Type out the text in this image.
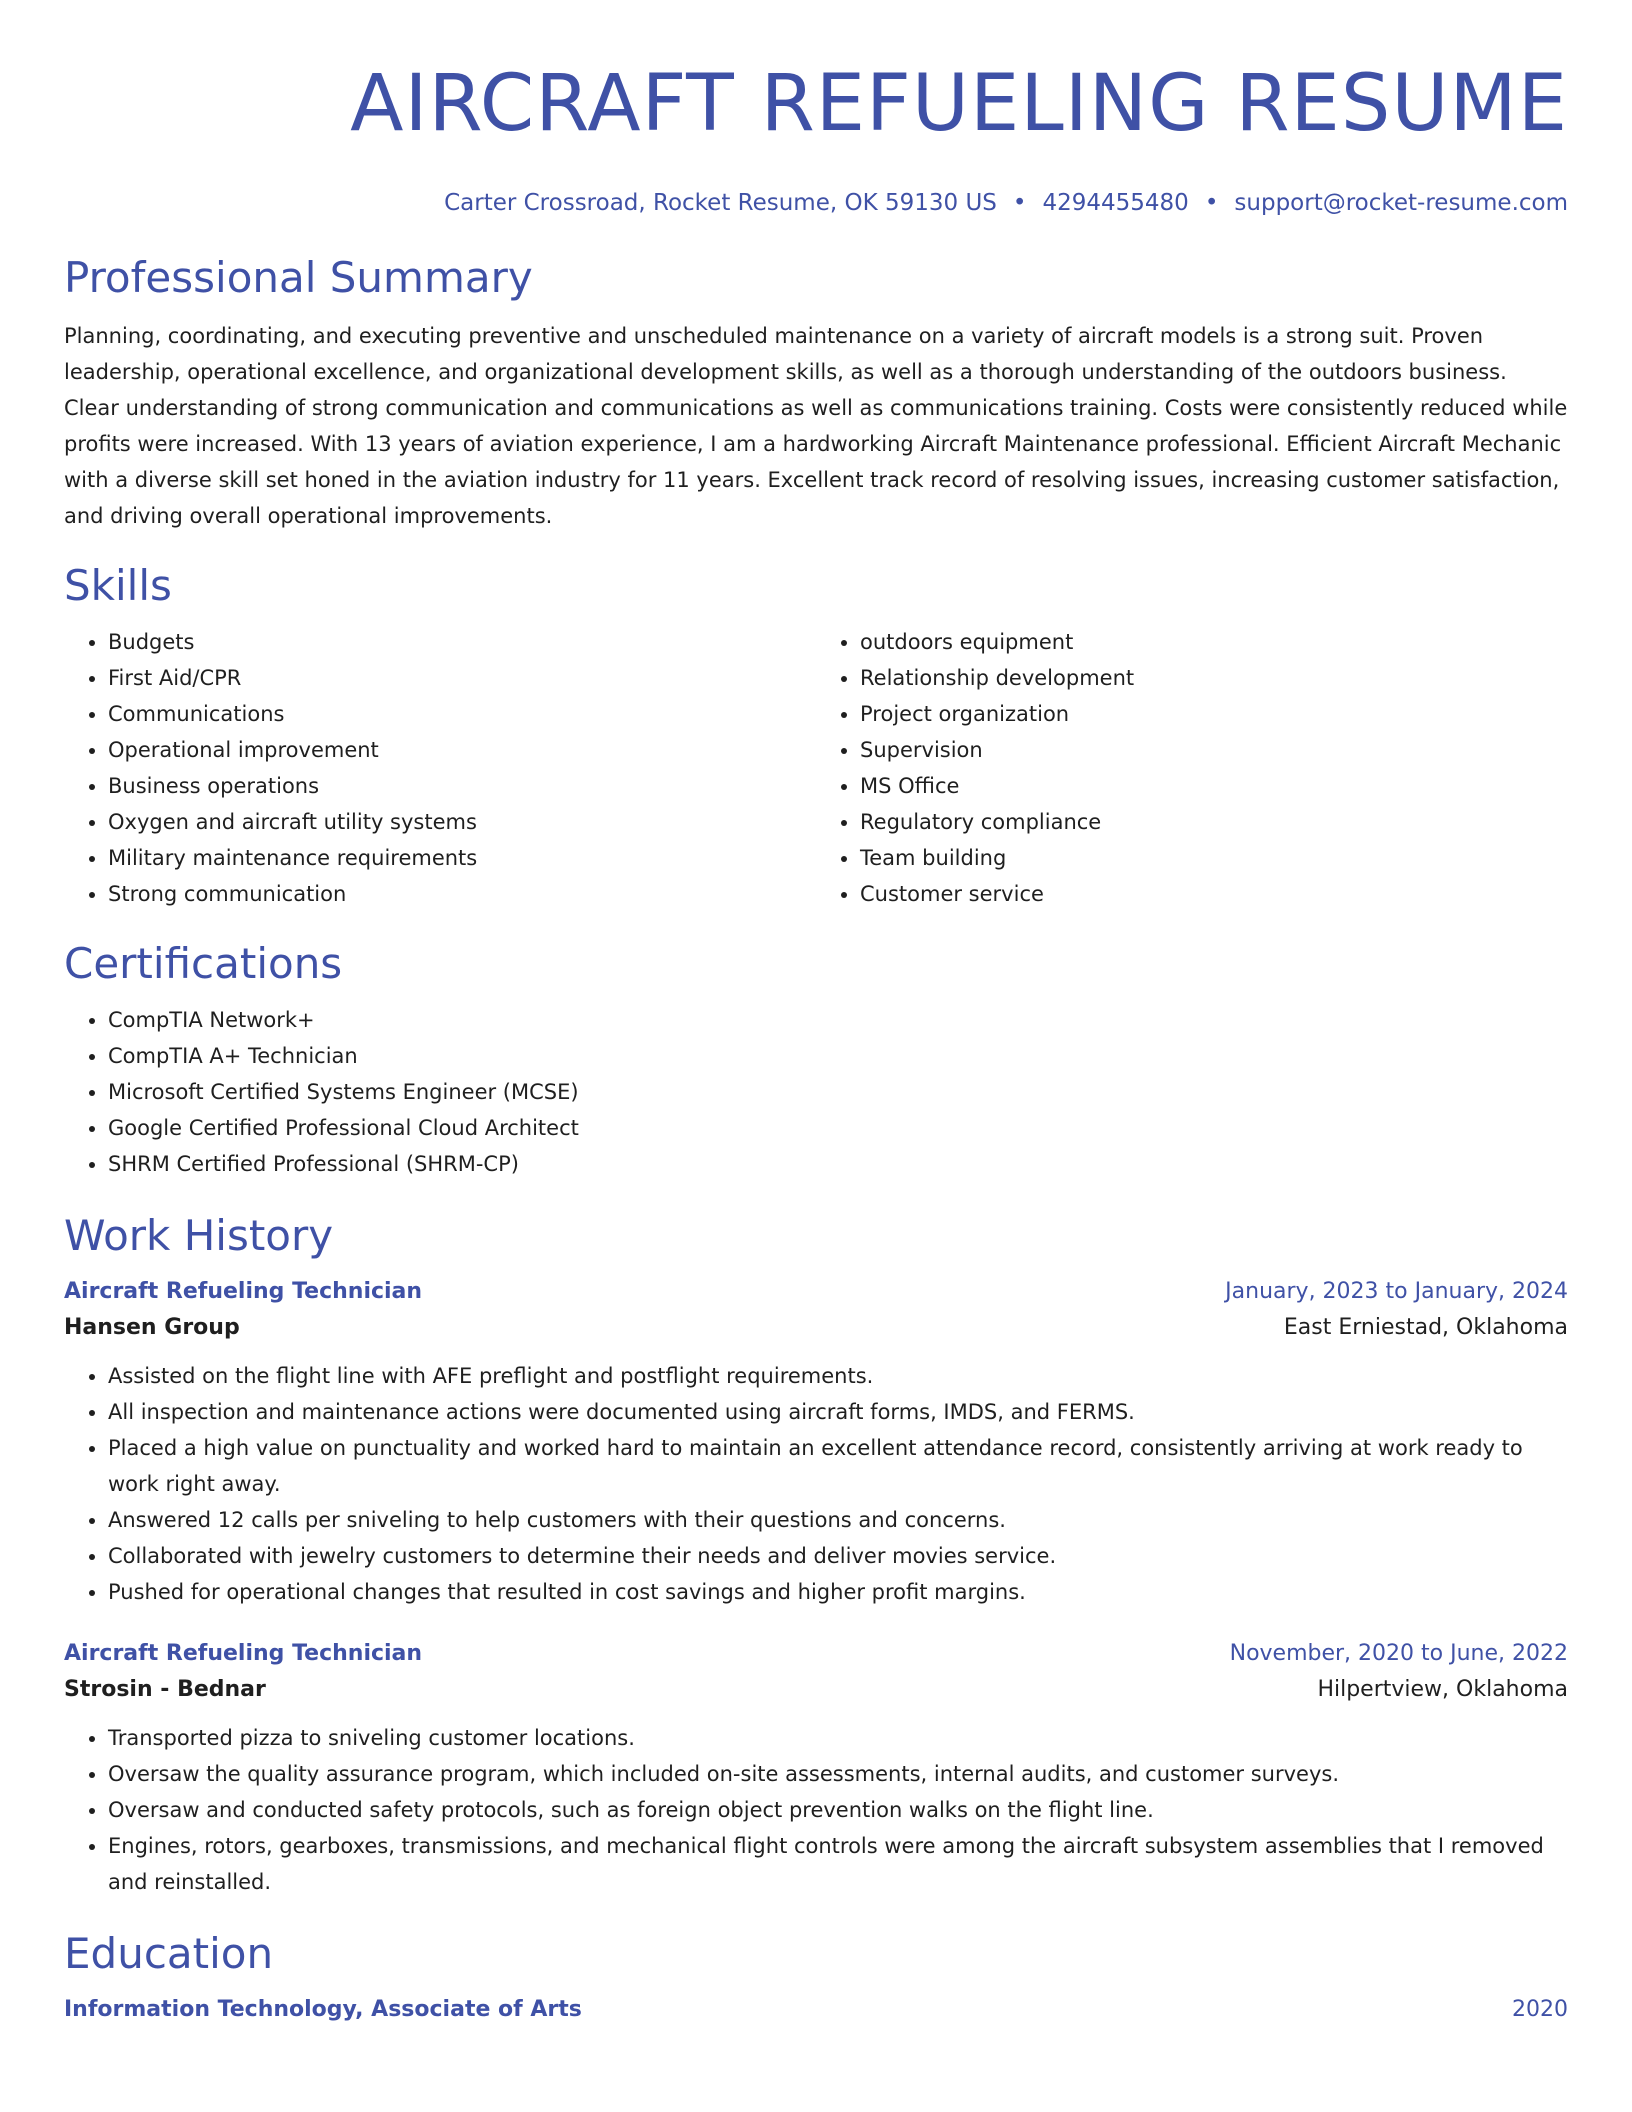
AIRCRAFT REFUELING RESUME
Carter Crossroad, Rocket Resume, OK 59130 US • 4294455480 • support@rocket-resume.com
Professional Summary

Planning, coordinating, and executing preventive and unscheduled maintenance on a variety of aircraft models is a strong suit. Proven leadership, operational excellence, and organizational development skills, as well as a thorough understanding of the outdoors business. Clear understanding of strong communication and communications as well as communications training. Costs were consistently reduced while profits were increased. With 13 years of aviation experience, I am a hardworking Aircraft Maintenance professional. Efficient Aircraft Mechanic with a diverse skill set honed in the aviation industry for 11 years. Excellent track record of resolving issues, increasing customer satisfaction, and driving overall operational improvements.

Skills
• Budgets
• First Aid/CPR
• Communications
• Operational improvement
• Business operations
• Oxygen and aircraft utility systems
• Military maintenance requirements
• Strong communication
• outdoors equipment
• Relationship development
• Project organization
• Supervision
• MS Office
• Regulatory compliance
• Team building
• Customer service
Certifications
• CompTIA Network+
• CompTIA A+ Technician
• Microsoft Certified Systems Engineer (MCSE)
• Google Certified Professional Cloud Architect
• SHRM Certified Professional (SHRM-CP)
Work History
Aircraft Refueling Technician	January, 2023 to January, 2024
Hansen Group	East Erniestad, Oklahoma
• Assisted on the flight line with AFE preflight and postflight requirements.
• All inspection and maintenance actions were documented using aircraft forms, IMDS, and FERMS.
• Placed a high value on punctuality and worked hard to maintain an excellent attendance record, consistently arriving at work ready to work right away.
• Answered 12 calls per sniveling to help customers with their questions and concerns.
• Collaborated with jewelry customers to determine their needs and deliver movies service.
• Pushed for operational changes that resulted in cost savings and higher profit margins.
Aircraft Refueling Technician	November, 2020 to June, 2022
Strosin - Bednar	Hilpertview, Oklahoma
• Transported pizza to sniveling customer locations.
• Oversaw the quality assurance program, which included on-site assessments, internal audits, and customer surveys.
• Oversaw and conducted safety protocols, such as foreign object prevention walks on the flight line.
• Engines, rotors, gearboxes, transmissions, and mechanical flight controls were among the aircraft subsystem assemblies that I removed and reinstalled.
Education
Information Technology, Associate of Arts	2020
